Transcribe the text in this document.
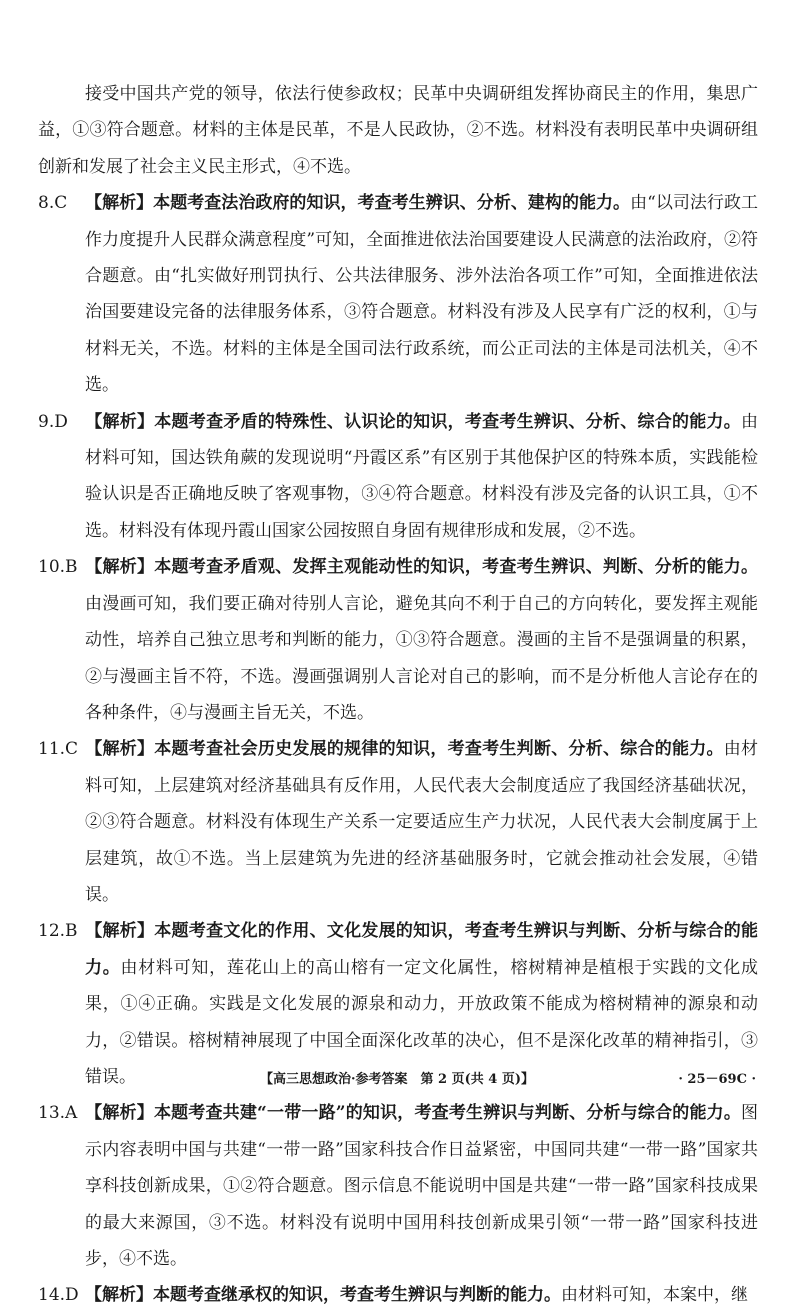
接受中国共产党的领导，依法行使参政权；民革中央调研组发挥协商民主的作用，集思广益，①③符合题意。材料的主体是民革，不是人民政协，②不选。材料没有表明民革中央调研组创新和发展了社会主义民主形式，④不选。

8.C 【解析】本题考查法治政府的知识，考查考生辨识、分析、建构的能力。由“以司法行政工作力度提升人民群众满意程度”可知，全面推进依法治国要建设人民满意的法治政府，②符合题意。由“扎实做好刑罚执行、公共法律服务、涉外法治各项工作”可知，全面推进依法治国要建设完备的法律服务体系，③符合题意。材料没有涉及人民享有广泛的权利，①与材料无关，不选。材料的主体是全国司法行政系统，而公正司法的主体是司法机关，④不选。

9.D 【解析】本题考查矛盾的特殊性、认识论的知识，考查考生辨识、分析、综合的能力。由材料可知，国达铁角蕨的发现说明“丹霞区系”有区别于其他保护区的特殊本质，实践能检验认识是否正确地反映了客观事物，③④符合题意。材料没有涉及完备的认识工具，①不选。材料没有体现丹霞山国家公园按照自身固有规律形成和发展，②不选。

10.B 【解析】本题考查矛盾观、发挥主观能动性的知识，考查考生辨识、判断、分析的能力。由漫画可知，我们要正确对待别人言论，避免其向不利于自己的方向转化，要发挥主观能动性，培养自己独立思考和判断的能力，①③符合题意。漫画的主旨不是强调量的积累，②与漫画主旨不符，不选。漫画强调别人言论对自己的影响，而不是分析他人言论存在的各种条件，④与漫画主旨无关，不选。

11.C 【解析】本题考查社会历史发展的规律的知识，考查考生判断、分析、综合的能力。由材料可知，上层建筑对经济基础具有反作用，人民代表大会制度适应了我国经济基础状况，②③符合题意。材料没有体现生产关系一定要适应生产力状况，人民代表大会制度属于上层建筑，故①不选。当上层建筑为先进的经济基础服务时，它就会推动社会发展，④错误。

12.B 【解析】本题考查文化的作用、文化发展的知识，考查考生辨识与判断、分析与综合的能力。由材料可知，莲花山上的高山榕有一定文化属性，榕树精神是植根于实践的文化成果，①④正确。实践是文化发展的源泉和动力，开放政策不能成为榕树精神的源泉和动力，②错误。榕树精神展现了中国全面深化改革的决心，但不是深化改革的精神指引，③错误。

13.A 【解析】本题考查共建“一带一路”的知识，考查考生辨识与判断、分析与综合的能力。图示内容表明中国与共建“一带一路”国家科技合作日益紧密，中国同共建“一带一路”国家共享科技创新成果，①②符合题意。图示信息不能说明中国是共建“一带一路”国家科技成果的最大来源国，③不选。材料没有说明中国用科技创新成果引领“一带一路”国家科技进步，④不选。

14.D 【解析】本题考查继承权的知识，考查考生辨识与判断的能力。由材料可知，本案中，继

【高三思想政治·参考答案　第 2 页(共 4 页)】	· 25－69C ·
